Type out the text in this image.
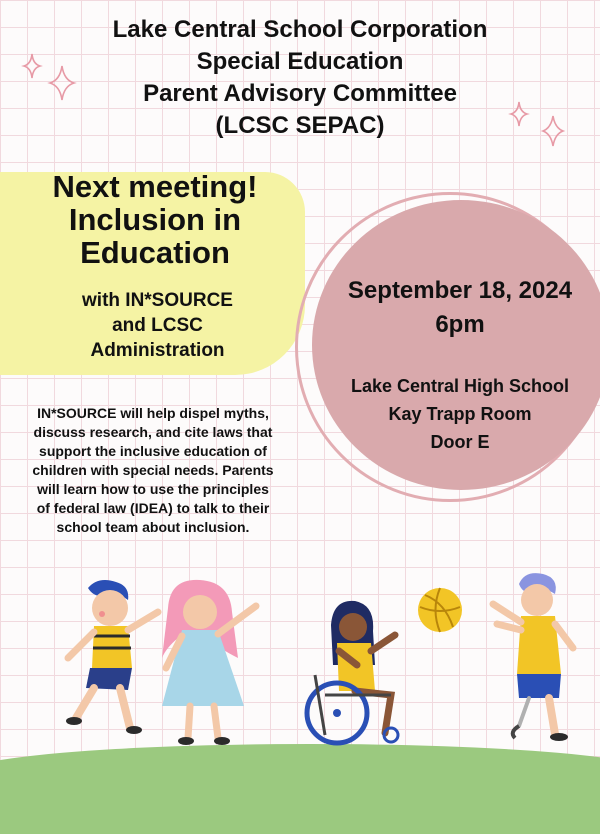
Lake Central School Corporation
Special Education
Parent Advisory Committee
(LCSC SEPAC)
Next meeting!
Inclusion in
Education
with IN*SOURCE
and LCSC
Administration
September 18, 2024
6pm
Lake Central High School
Kay Trapp Room
Door E
IN*SOURCE will help dispel myths,
discuss research, and cite laws that
support the inclusive education of
children with special needs. Parents
will learn how to use the principles
of federal law (IDEA) to talk to their
school team about inclusion.
